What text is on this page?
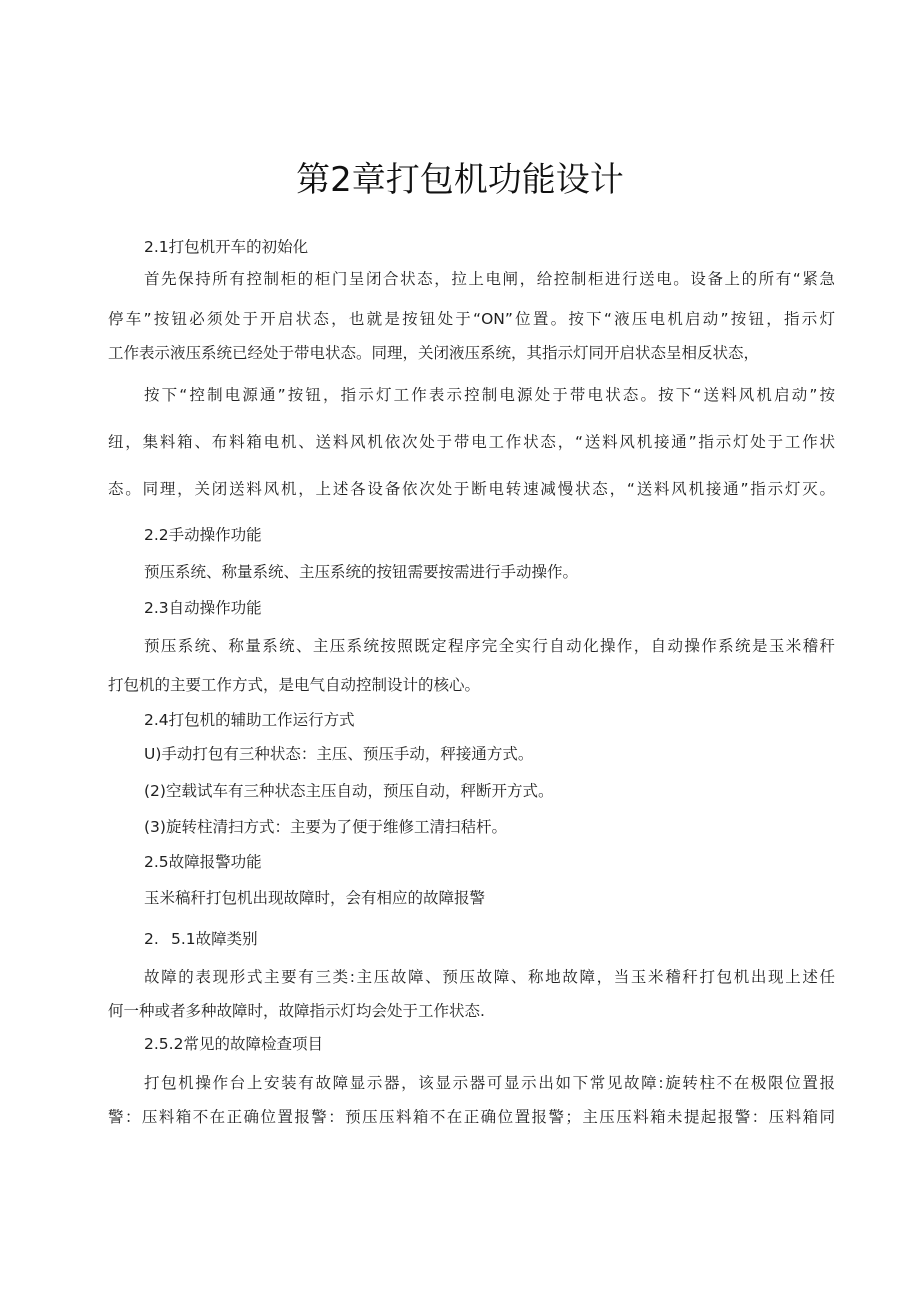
第2章打包机功能设计
2.1打包机开车的初始化
首先保持所有控制柜的柜门呈闭合状态，拉上电闸，给控制柜进行送电。设备上的所有“紧急
停车”按钮必须处于开启状态，也就是按钮处于“ON”位置。按下“液压电机启动”按钮，指示灯
工作表示液压系统已经处于带电状态。同理，关闭液压系统，其指示灯同开启状态呈相反状态，
按下“控制电源通”按钮，指示灯工作表示控制电源处于带电状态。按下“送料风机启动”按
纽，集料箱、布料箱电机、送料风机依次处于带电工作状态，“送料风机接通”指示灯处于工作状
态。同理，关闭送料风机，上述各设备依次处于断电转速减慢状态，“送料风机接通”指示灯灭。
2.2手动操作功能
预压系统、称量系统、主压系统的按钮需要按需进行手动操作。
2.3自动操作功能
预压系统、称量系统、主压系统按照既定程序完全实行自动化操作，自动操作系统是玉米稽秆
打包机的主要工作方式，是电气自动控制设计的核心。
2.4打包机的辅助工作运行方式
U)手动打包有三种状态：主压、预压手动，秤接通方式。
(2)空载试车有三种状态主压自动，预压自动，秤断开方式。
(3)旋转柱清扫方式：主要为了便于维修工清扫秸杆。
2.5故障报警功能
玉米稿秆打包机出现故障时，会有相应的故障报警
2. 5.1故障类别
故障的表现形式主要有三类:主压故障、预压故障、称地故障，当玉米稽秆打包机出现上述任
何一种或者多种故障时，故障指示灯均会处于工作状态.
2.5.2常见的故障检查项目
打包机操作台上安装有故障显示器，该显示器可显示出如下常见故障:旋转柱不在极限位置报
警：压料箱不在正确位置报警：预压压料箱不在正确位置报警；主压压料箱未提起报警：压料箱同
